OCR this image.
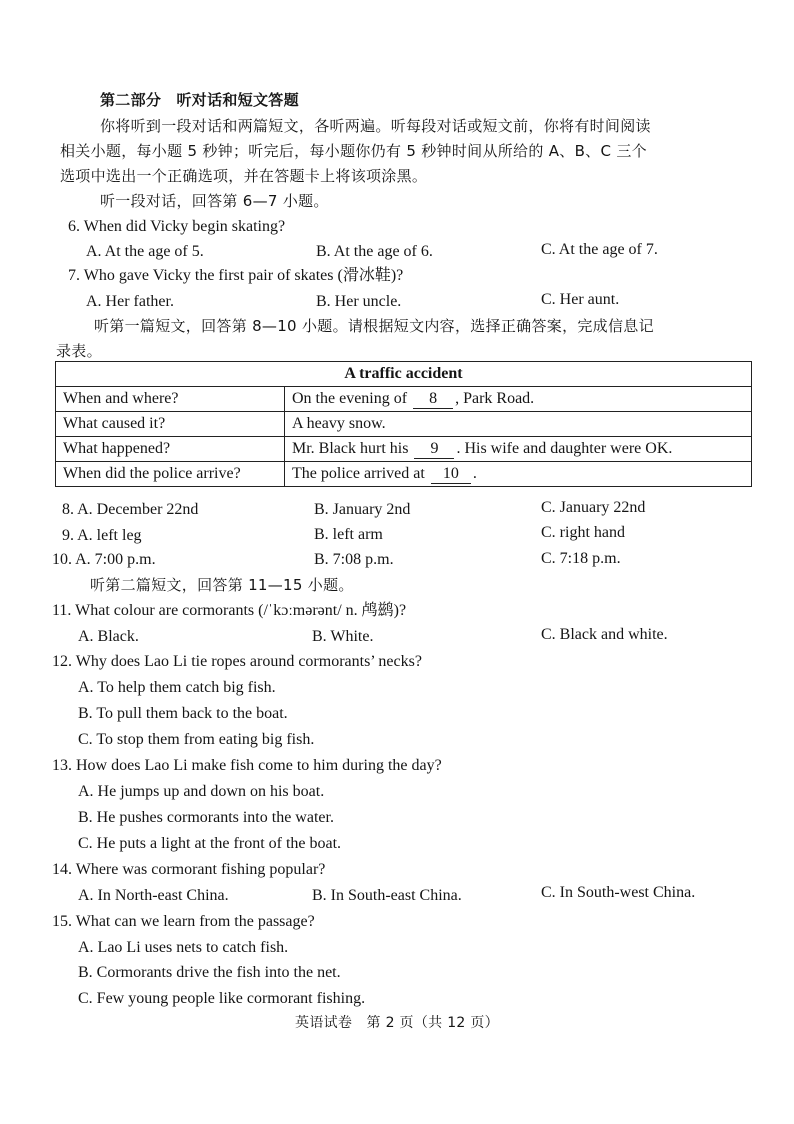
第二部分　听对话和短文答题
你将听到一段对话和两篇短文，各听两遍。听每段对话或短文前，你将有时间阅读
相关小题，每小题 5 秒钟；听完后，每小题你仍有 5 秒钟时间从所给的 A、B、C 三个
选项中选出一个正确选项，并在答题卡上将该项涂黑。
听一段对话，回答第 6—7 小题。
6. When did Vicky begin skating?
A. At the age of 5.	B. At the age of 6.	C. At the age of 7.
7. Who gave Vicky the first pair of skates (滑冰鞋)?
A. Her father.	B. Her uncle.	C. Her aunt.
听第一篇短文，回答第 8—10 小题。请根据短文内容，选择正确答案，完成信息记
录表。
A traffic accident	
When and where?	On the evening of 8 , Park Road.
What caused it?	A heavy snow.
What happened?	Mr. Black hurt his 9 . His wife and daughter were OK.
When did the police arrive?	The police arrived at 10 .
8. A. December 22nd	B. January 2nd	C. January 22nd
9. A. left leg	B. left arm	C. right hand
10. A. 7:00 p.m.	B. 7:08 p.m.	C. 7:18 p.m.
听第二篇短文，回答第 11—15 小题。
11. What colour are cormorants (/ˈkɔːmərənt/ n. 鸬鹚)?
A. Black.	B. White.	C. Black and white.
12. Why does Lao Li tie ropes around cormorants’ necks?
A. To help them catch big fish.
B. To pull them back to the boat.
C. To stop them from eating big fish.
13. How does Lao Li make fish come to him during the day?
A. He jumps up and down on his boat.
B. He pushes cormorants into the water.
C. He puts a light at the front of the boat.
14. Where was cormorant fishing popular?
A. In North-east China.	B. In South-east China.	C. In South-west China.
15. What can we learn from the passage?
A. Lao Li uses nets to catch fish.
B. Cormorants drive the fish into the net.
C. Few young people like cormorant fishing.
英语试卷　第 2 页（共 12 页）
